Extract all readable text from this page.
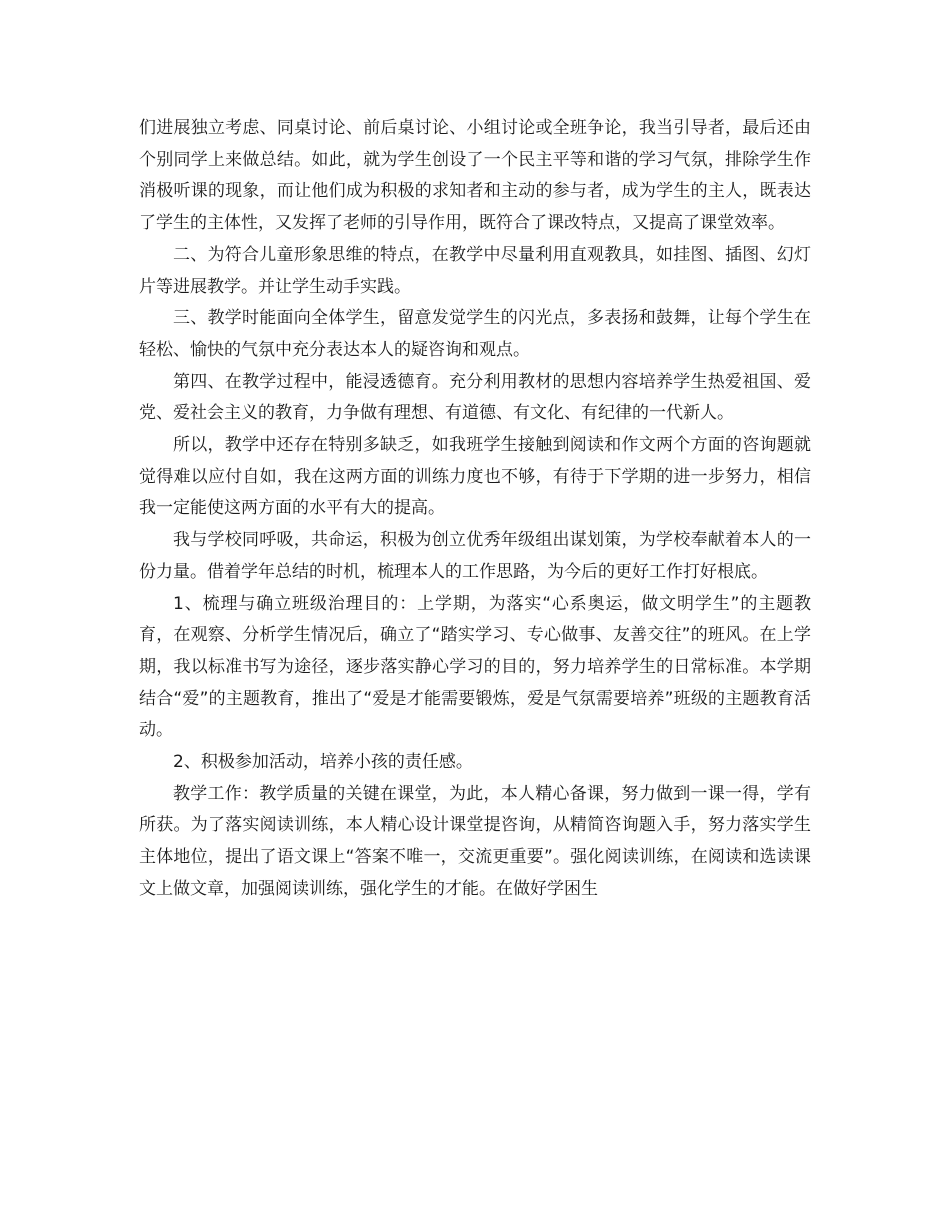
们进展独立考虑、同桌讨论、前后桌讨论、小组讨论或全班争论，我当引导者，最后还由个别同学上来做总结。如此，就为学生创设了一个民主平等和谐的学习气氛，排除学生作消极听课的现象，而让他们成为积极的求知者和主动的参与者，成为学生的主人，既表达了学生的主体性，又发挥了老师的引导作用，既符合了课改特点，又提高了课堂效率。

二、为符合儿童形象思维的特点，在教学中尽量利用直观教具，如挂图、插图、幻灯片等进展教学。并让学生动手实践。

三、教学时能面向全体学生，留意发觉学生的闪光点，多表扬和鼓舞，让每个学生在轻松、愉快的气氛中充分表达本人的疑咨询和观点。

第四、在教学过程中，能浸透德育。充分利用教材的思想内容培养学生热爱祖国、爱党、爱社会主义的教育，力争做有理想、有道德、有文化、有纪律的一代新人。

所以，教学中还存在特别多缺乏，如我班学生接触到阅读和作文两个方面的咨询题就觉得难以应付自如，我在这两方面的训练力度也不够，有待于下学期的进一步努力，相信我一定能使这两方面的水平有大的提高。

我与学校同呼吸，共命运，积极为创立优秀年级组出谋划策，为学校奉献着本人的一份力量。借着学年总结的时机，梳理本人的工作思路，为今后的更好工作打好根底。

1、梳理与确立班级治理目的：上学期，为落实“心系奥运，做文明学生”的主题教育，在观察、分析学生情况后，确立了“踏实学习、专心做事、友善交往”的班风。在上学期，我以标准书写为途径，逐步落实静心学习的目的，努力培养学生的日常标准。本学期结合“爱”的主题教育，推出了“爱是才能需要锻炼，爱是气氛需要培养”班级的主题教育活动。

2、积极参加活动，培养小孩的责任感。

教学工作：教学质量的关键在课堂，为此，本人精心备课，努力做到一课一得，学有所获。为了落实阅读训练，本人精心设计课堂提咨询，从精简咨询题入手，努力落实学生主体地位，提出了语文课上“答案不唯一，交流更重要”。强化阅读训练，在阅读和选读课文上做文章，加强阅读训练，强化学生的才能。在做好学困生
